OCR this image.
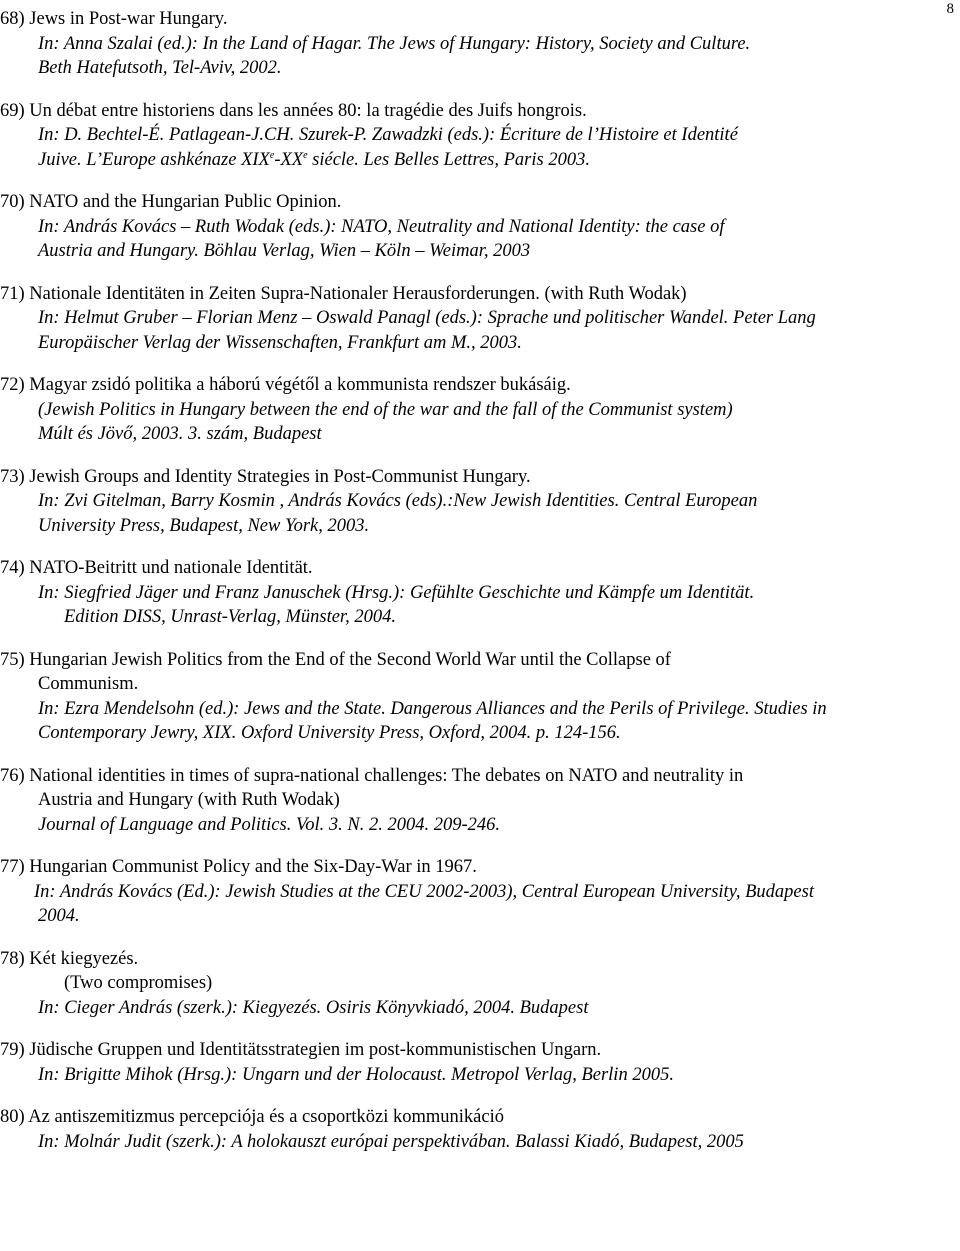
8
68) Jews in Post-war Hungary.
In: Anna Szalai (ed.): In the Land of Hagar. The Jews of Hungary: History, Society and Culture.
Beth Hatefutsoth, Tel-Aviv, 2002.
69) Un débat entre historiens dans les années 80: la tragédie des Juifs hongrois.
In: D. Bechtel-É. Patlagean-J.CH. Szurek-P. Zawadzki (eds.): Écriture de l’Histoire et Identité
Juive. L’Europe ashkénaze XIXe-XXe siécle. Les Belles Lettres, Paris 2003.
70) NATO and the Hungarian Public Opinion.
In: András Kovács – Ruth Wodak (eds.): NATO, Neutrality and National Identity: the case of
Austria and Hungary. Böhlau Verlag, Wien – Köln – Weimar, 2003
71) Nationale Identitäten in Zeiten Supra-Nationaler Herausforderungen. (with Ruth Wodak)
In: Helmut Gruber – Florian Menz – Oswald Panagl (eds.): Sprache und politischer Wandel. Peter Lang
Europäischer Verlag der Wissenschaften, Frankfurt am M., 2003.
72) Magyar zsidó politika a háború végétől a kommunista rendszer bukásáig.
(Jewish Politics in Hungary between the end of the war and the fall of the Communist system)
Múlt és Jövő, 2003. 3. szám, Budapest
73) Jewish Groups and Identity Strategies in Post-Communist Hungary.
In: Zvi Gitelman, Barry Kosmin , András Kovács (eds).:New Jewish Identities. Central European
University Press, Budapest, New York, 2003.
74) NATO-Beitritt und nationale Identität.
In: Siegfried Jäger und Franz Januschek (Hrsg.): Gefühlte Geschichte und Kämpfe um Identität.
Edition DISS, Unrast-Verlag, Münster, 2004.
75) Hungarian Jewish Politics from the End of the Second World War until the Collapse of
Communism.
In: Ezra Mendelsohn (ed.): Jews and the State. Dangerous Alliances and the Perils of Privilege. Studies in
Contemporary Jewry, XIX. Oxford University Press, Oxford, 2004. p. 124-156.
76) National identities in times of supra-national challenges: The debates on NATO and neutrality in
Austria and Hungary (with Ruth Wodak)
Journal of Language and Politics. Vol. 3. N. 2. 2004. 209-246.
77) Hungarian Communist Policy and the Six-Day-War in 1967.
In: András Kovács (Ed.): Jewish Studies at the CEU 2002-2003), Central European University, Budapest
2004.
78) Két kiegyezés.
(Two compromises)
In: Cieger András (szerk.): Kiegyezés. Osiris Könyvkiadó, 2004. Budapest
79) Jüdische Gruppen und Identitätsstrategien im post-kommunistischen Ungarn.
In: Brigitte Mihok (Hrsg.): Ungarn und der Holocaust. Metropol Verlag, Berlin 2005.
80) Az antiszemitizmus percepciója és a csoportközi kommunikáció
In: Molnár Judit (szerk.): A holokauszt európai perspektivában. Balassi Kiadó, Budapest, 2005
